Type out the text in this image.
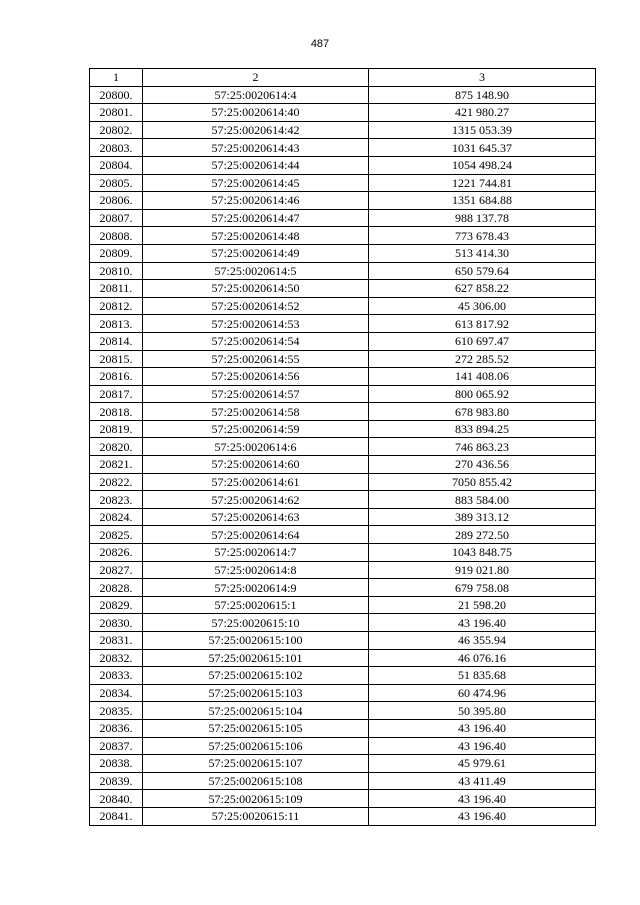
487
1	2	3
20800.	57:25:0020614:4	875 148.90
20801.	57:25:0020614:40	421 980.27
20802.	57:25:0020614:42	1315 053.39
20803.	57:25:0020614:43	1031 645.37
20804.	57:25:0020614:44	1054 498.24
20805.	57:25:0020614:45	1221 744.81
20806.	57:25:0020614:46	1351 684.88
20807.	57:25:0020614:47	988 137.78
20808.	57:25:0020614:48	773 678.43
20809.	57:25:0020614:49	513 414.30
20810.	57:25:0020614:5	650 579.64
20811.	57:25:0020614:50	627 858.22
20812.	57:25:0020614:52	45 306.00
20813.	57:25:0020614:53	613 817.92
20814.	57:25:0020614:54	610 697.47
20815.	57:25:0020614:55	272 285.52
20816.	57:25:0020614:56	141 408.06
20817.	57:25:0020614:57	800 065.92
20818.	57:25:0020614:58	678 983.80
20819.	57:25:0020614:59	833 894.25
20820.	57:25:0020614:6	746 863.23
20821.	57:25:0020614:60	270 436.56
20822.	57:25:0020614:61	7050 855.42
20823.	57:25:0020614:62	883 584.00
20824.	57:25:0020614:63	389 313.12
20825.	57:25:0020614:64	289 272.50
20826.	57:25:0020614:7	1043 848.75
20827.	57:25:0020614:8	919 021.80
20828.	57:25:0020614:9	679 758.08
20829.	57:25:0020615:1	21 598.20
20830.	57:25:0020615:10	43 196.40
20831.	57:25:0020615:100	46 355.94
20832.	57:25:0020615:101	46 076.16
20833.	57:25:0020615:102	51 835.68
20834.	57:25:0020615:103	60 474.96
20835.	57:25:0020615:104	50 395.80
20836.	57:25:0020615:105	43 196.40
20837.	57:25:0020615:106	43 196.40
20838.	57:25:0020615:107	45 979.61
20839.	57:25:0020615:108	43 411.49
20840.	57:25:0020615:109	43 196.40
20841.	57:25:0020615:11	43 196.40
